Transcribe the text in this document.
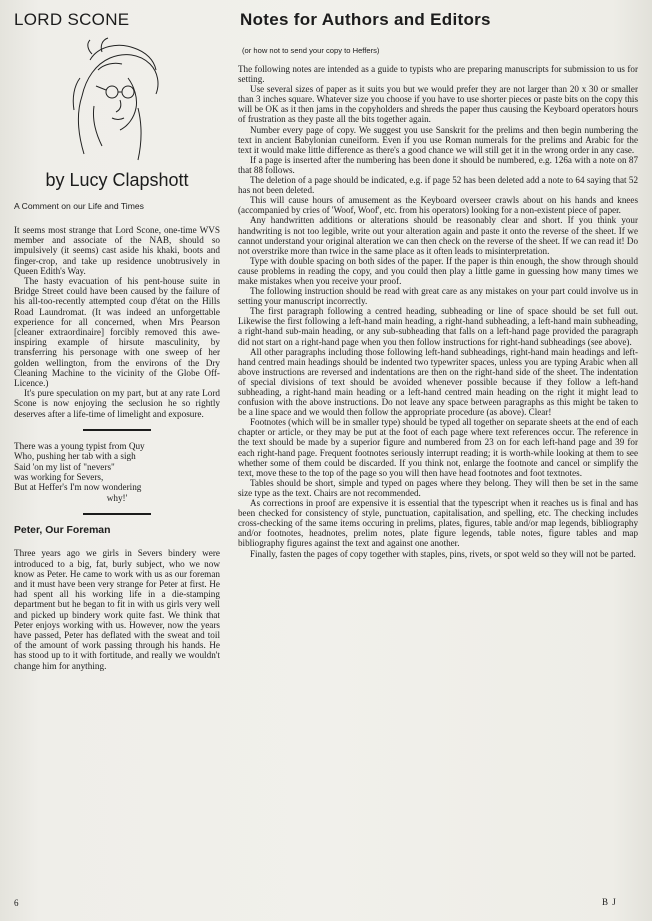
LORD SCONE
by Lucy Clapshott
A Comment on our Life and Times

It seems most strange that Lord Scone, one-time WVS member and associate of the NAB, should so impulsively (it seems) cast aside his khaki, boots and finger-crop, and take up residence unobtrusively in Queen Edith's Way.

The hasty evacuation of his pent-house suite in Bridge Street could have been caused by the failure of his all-too-recently attempted coup d'état on the Hills Road Laundromat. (It was indeed an unforgettable experience for all concerned, when Mrs Pearson [cleaner extraordinaire] forcibly removed this awe-inspiring example of hirsute masculinity, by transferring his personage with one sweep of her golden wellington, from the environs of the Dry Cleaning Machine to the vicinity of the Globe Off-Licence.)

It's pure speculation on my part, but at any rate Lord Scone is now enjoying the seclusion he so rightly deserves after a life-time of limelight and exposure.

There was a young typist from Quy
Who, pushing her tab with a sigh
Said 'on my list of "nevers"
was working for Severs,
But at Heffer's I'm now wondering
why!'
Peter, Our Foreman

Three years ago we girls in Severs bindery were introduced to a big, fat, burly subject, who we now know as Peter. He came to work with us as our foreman and it must have been very strange for Peter at first. He had spent all his working life in a die-stamping department but he began to fit in with us girls very well and picked up bindery work quite fast. We think that Peter enjoys working with us. However, now the years have passed, Peter has deflated with the sweat and toil of the amount of work passing through his hands. He has stood up to it with fortitude, and really we wouldn't change him for anything.

Notes for Authors and Editors
(or how not to send your copy to Heffers)

The following notes are intended as a guide to typists who are preparing manuscripts for submission to us for setting.

Use several sizes of paper as it suits you but we would prefer they are not larger than 20 x 30 or smaller than 3 inches square. Whatever size you choose if you have to use shorter pieces or paste bits on the copy this will be OK as it then jams in the copyholders and shreds the paper thus causing the Keyboard operators hours of frustration as they paste all the bits together again.

Number every page of copy. We suggest you use Sanskrit for the prelims and then begin numbering the text in ancient Babylonian cuneiform. Even if you use Roman numerals for the prelims and Arabic for the text it would make little difference as there's a good chance we will still get it in the wrong order in any case.

If a page is inserted after the numbering has been done it should be numbered, e.g. 126a with a note on 87 that 88 follows.

The deletion of a page should be indicated, e.g. if page 52 has been deleted add a note to 64 saying that 52 has not been deleted.

This will cause hours of amusement as the Keyboard overseer crawls about on his hands and knees (accompanied by cries of 'Woof, Woof', etc. from his operators) looking for a non-existent piece of paper.

Any handwritten additions or alterations should be reasonably clear and short. If you think your handwriting is not too legible, write out your alteration again and paste it onto the reverse of the sheet. If we cannot understand your original alteration we can then check on the reverse of the sheet. If we can read it! Do not overstrike more than twice in the same place as it often leads to misinterpretation.

Type with double spacing on both sides of the paper. If the paper is thin enough, the show through should cause problems in reading the copy, and you could then play a little game in guessing how many times we make mistakes when you receive your proof.

The following instruction should be read with great care as any mistakes on your part could involve us in setting your manuscript incorrectly.

The first paragraph following a centred heading, subheading or line of space should be set full out. Likewise the first following a left-hand main heading, a right-hand subheading, a left-hand main subheading, a right-hand sub-main heading, or any sub-subheading that falls on a left-hand page provided the paragraph did not start on a right-hand page when you then follow instructions for right-hand subheadings (see above).

All other paragraphs including those following left-hand subheadings, right-hand main headings and left-hand centred main headings should be indented two typewriter spaces, unless you are typing Arabic when all above instructions are reversed and indentations are then on the right-hand side of the sheet. The indentation of special divisions of text should be avoided whenever possible because if they follow a left-hand subheading, a right-hand main heading or a left-hand centred main heading on the right it might lead to confusion with the above instructions. Do not leave any space between paragraphs as this might be taken to be a line space and we would then follow the appropriate procedure (as above). Clear!

Footnotes (which will be in smaller type) should be typed all together on separate sheets at the end of each chapter or article, or they may be put at the foot of each page where text references occur. The reference in the text should be made by a superior figure and numbered from 23 on for each left-hand page and 39 for each right-hand page. Frequent footnotes seriously interrupt reading; it is worth-while looking at them to see whether some of them could be discarded. If you think not, enlarge the footnote and cancel or simplify the text, move these to the top of the page so you will then have head footnotes and foot textnotes.

Tables should be short, simple and typed on pages where they belong. They will then be set in the same size type as the text. Chairs are not recommended.

As corrections in proof are expensive it is essential that the typescript when it reaches us is final and has been checked for consistency of style, punctuation, capitalisation, and spelling, etc. The checking includes cross-checking of the same items occuring in prelims, plates, figures, table and/or map legends, bibliography and/or footnotes, headnotes, prelim notes, plate figure legends, table notes, figure tables and map bibliography figures against the text and against one another.

Finally, fasten the pages of copy together with staples, pins, rivets, or spot weld so they will not be parted.

6	B J
